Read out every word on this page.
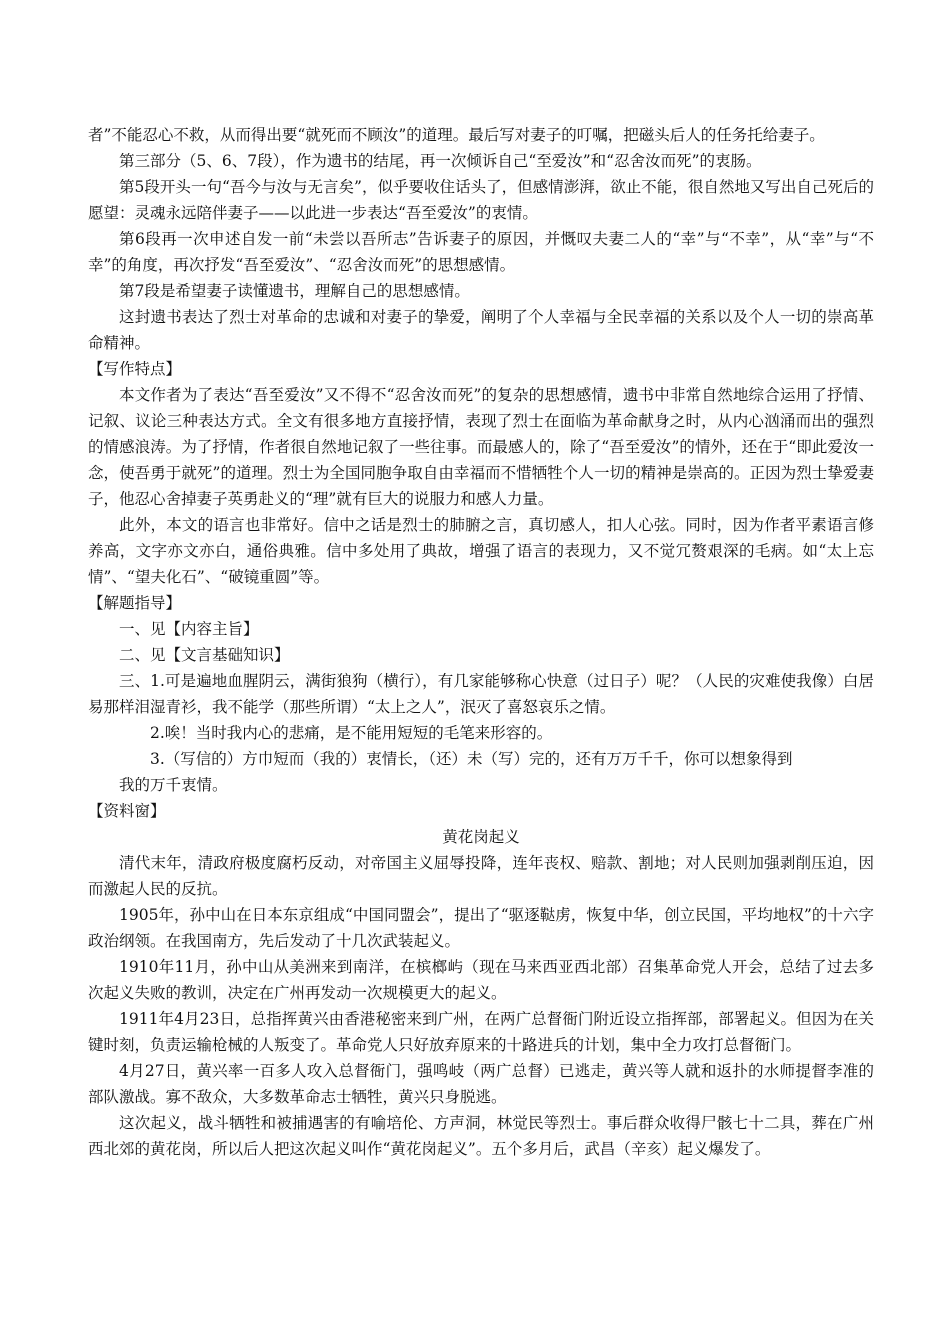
者”不能忍心不救，从而得出要“就死而不顾汝”的道理。最后写对妻子的叮嘱，把磁头后人的任务托给妻子。

第三部分（5、6、7段），作为遗书的结尾，再一次倾诉自己“至爱汝”和“忍舍汝而死”的衷肠。

第5段开头一句“吾今与汝与无言矣”，似乎要收住话头了，但感情澎湃，欲止不能，很自然地又写出自己死后的愿望：灵魂永远陪伴妻子——以此进一步表达“吾至爱汝”的衷情。

第6段再一次申述自发一前“未尝以吾所志”告诉妻子的原因，并慨叹夫妻二人的“幸”与“不幸”，从“幸”与“不幸”的角度，再次抒发“吾至爱汝”、“忍舍汝而死”的思想感情。

第7段是希望妻子读懂遗书，理解自己的思想感情。

这封遗书表达了烈士对革命的忠诚和对妻子的挚爱，阐明了个人幸福与全民幸福的关系以及个人一切的崇高革命精神。

【写作特点】

本文作者为了表达“吾至爱汝”又不得不“忍舍汝而死”的复杂的思想感情，遗书中非常自然地综合运用了抒情、记叙、议论三种表达方式。全文有很多地方直接抒情，表现了烈士在面临为革命献身之时，从内心汹涌而出的强烈的情感浪涛。为了抒情，作者很自然地记叙了一些往事。而最感人的，除了“吾至爱汝”的情外，还在于“即此爱汝一念，使吾勇于就死”的道理。烈士为全国同胞争取自由幸福而不惜牺牲个人一切的精神是崇高的。正因为烈士挚爱妻子，他忍心舍掉妻子英勇赴义的“理”就有巨大的说服力和感人力量。

此外，本文的语言也非常好。信中之话是烈士的肺腑之言，真切感人，扣人心弦。同时，因为作者平素语言修养高，文字亦文亦白，通俗典雅。信中多处用了典故，增强了语言的表现力，又不觉冗赘艰深的毛病。如“太上忘情”、“望夫化石”、“破镜重圆”等。

【解题指导】

一、见【内容主旨】

二、见【文言基础知识】

三、1.可是遍地血腥阴云，满街狼狗（横行），有几家能够称心快意（过日子）呢？（人民的灾难使我像）白居易那样泪湿青衫，我不能学（那些所谓）“太上之人”，泯灭了喜怒哀乐之情。

2.唉！当时我内心的悲痛，是不能用短短的毛笔来形容的。

3.（写信的）方巾短而（我的）衷情长，（还）未（写）完的，还有万万千千，你可以想象得到

我的万千衷情。

【资料窗】

黄花岗起义

清代末年，清政府极度腐朽反动，对帝国主义屈辱投降，连年丧权、赔款、割地；对人民则加强剥削压迫，因而激起人民的反抗。

1905年，孙中山在日本东京组成“中国同盟会”，提出了“驱逐鞑虏，恢复中华，创立民国，平均地权”的十六字政治纲领。在我国南方，先后发动了十几次武装起义。

1910年11月，孙中山从美洲来到南洋，在槟榔屿（现在马来西亚西北部）召集革命党人开会，总结了过去多次起义失败的教训，决定在广州再发动一次规模更大的起义。

1911年4月23日，总指挥黄兴由香港秘密来到广州，在两广总督衙门附近设立指挥部，部署起义。但因为在关键时刻，负责运输枪械的人叛变了。革命党人只好放弃原来的十路进兵的计划，集中全力攻打总督衙门。

4月27日，黄兴率一百多人攻入总督衙门，强鸣岐（两广总督）已逃走，黄兴等人就和返扑的水师提督李准的部队激战。寡不敌众，大多数革命志士牺牲，黄兴只身脱逃。

这次起义，战斗牺牲和被捕遇害的有喻培伦、方声洞，林觉民等烈士。事后群众收得尸骸七十二具，葬在广州西北郊的黄花岗，所以后人把这次起义叫作“黄花岗起义”。五个多月后，武昌（辛亥）起义爆发了。
